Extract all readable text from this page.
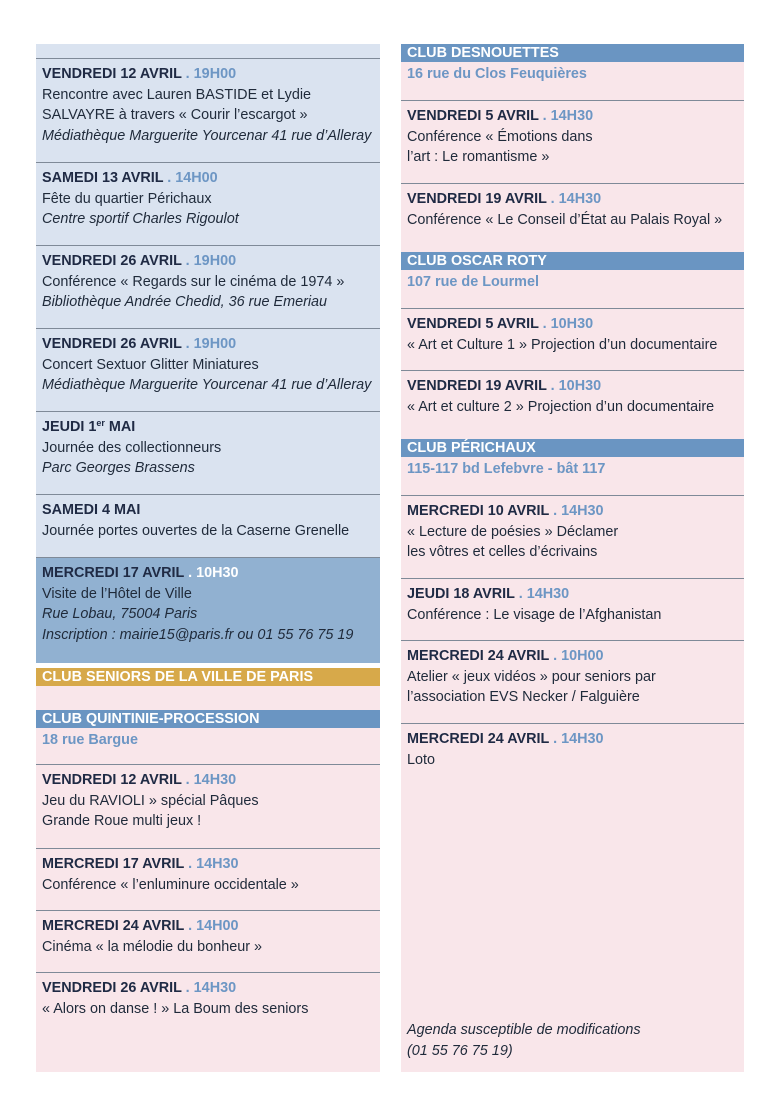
VENDREDI 12 AVRIL . 19H00
Rencontre avec Lauren BASTIDE et Lydie
SALVAYRE à travers « Courir l’escargot »
Médiathèque Marguerite Yourcenar 41 rue d’Alleray
SAMEDI 13 AVRIL . 14H00
Fête du quartier Périchaux
Centre sportif Charles Rigoulot
VENDREDI 26 AVRIL . 19H00
Conférence « Regards sur le cinéma de 1974 »
Bibliothèque Andrée Chedid, 36 rue Emeriau
VENDREDI 26 AVRIL . 19H00
Concert Sextuor Glitter Miniatures
Médiathèque Marguerite Yourcenar 41 rue d’Alleray
JEUDI 1er MAI
Journée des collectionneurs
Parc Georges Brassens
SAMEDI 4 MAI
Journée portes ouvertes de la Caserne Grenelle
MERCREDI 17 AVRIL . 10H30
Visite de l’Hôtel de Ville
Rue Lobau, 75004 Paris
Inscription : mairie15@paris.fr ou 01 55 76 75 19
CLUB SENIORS DE LA VILLE DE PARIS
CLUB QUINTINIE-PROCESSION
18 rue Bargue
VENDREDI 12 AVRIL . 14H30
Jeu du RAVIOLI » spécial Pâques
Grande Roue multi jeux !
MERCREDI 17 AVRIL . 14H30
Conférence « l’enluminure occidentale »
MERCREDI 24 AVRIL . 14H00
Cinéma « la mélodie du bonheur »
VENDREDI 26 AVRIL . 14H30
« Alors on danse ! » La Boum des seniors
CLUB DESNOUETTES
16 rue du Clos Feuquières
VENDREDI 5 AVRIL . 14H30
Conférence « Émotions dans
l’art : Le romantisme »
VENDREDI 19 AVRIL . 14H30
Conférence « Le Conseil d’État au Palais Royal »
CLUB OSCAR ROTY
107 rue de Lourmel
VENDREDI 5 AVRIL . 10H30
« Art et Culture 1 » Projection d’un documentaire
VENDREDI 19 AVRIL . 10H30
« Art et culture 2 » Projection d’un documentaire
CLUB PÉRICHAUX
115-117 bd Lefebvre - bât 117
MERCREDI 10 AVRIL . 14H30
« Lecture de poésies » Déclamer
les vôtres et celles d’écrivains
JEUDI 18 AVRIL . 14H30
Conférence : Le visage de l’Afghanistan
MERCREDI 24 AVRIL . 10H00
Atelier « jeux vidéos » pour seniors par
l’association EVS Necker / Falguière
MERCREDI 24 AVRIL . 14H30
Loto
Agenda susceptible de modifications
(01 55 76 75 19)
